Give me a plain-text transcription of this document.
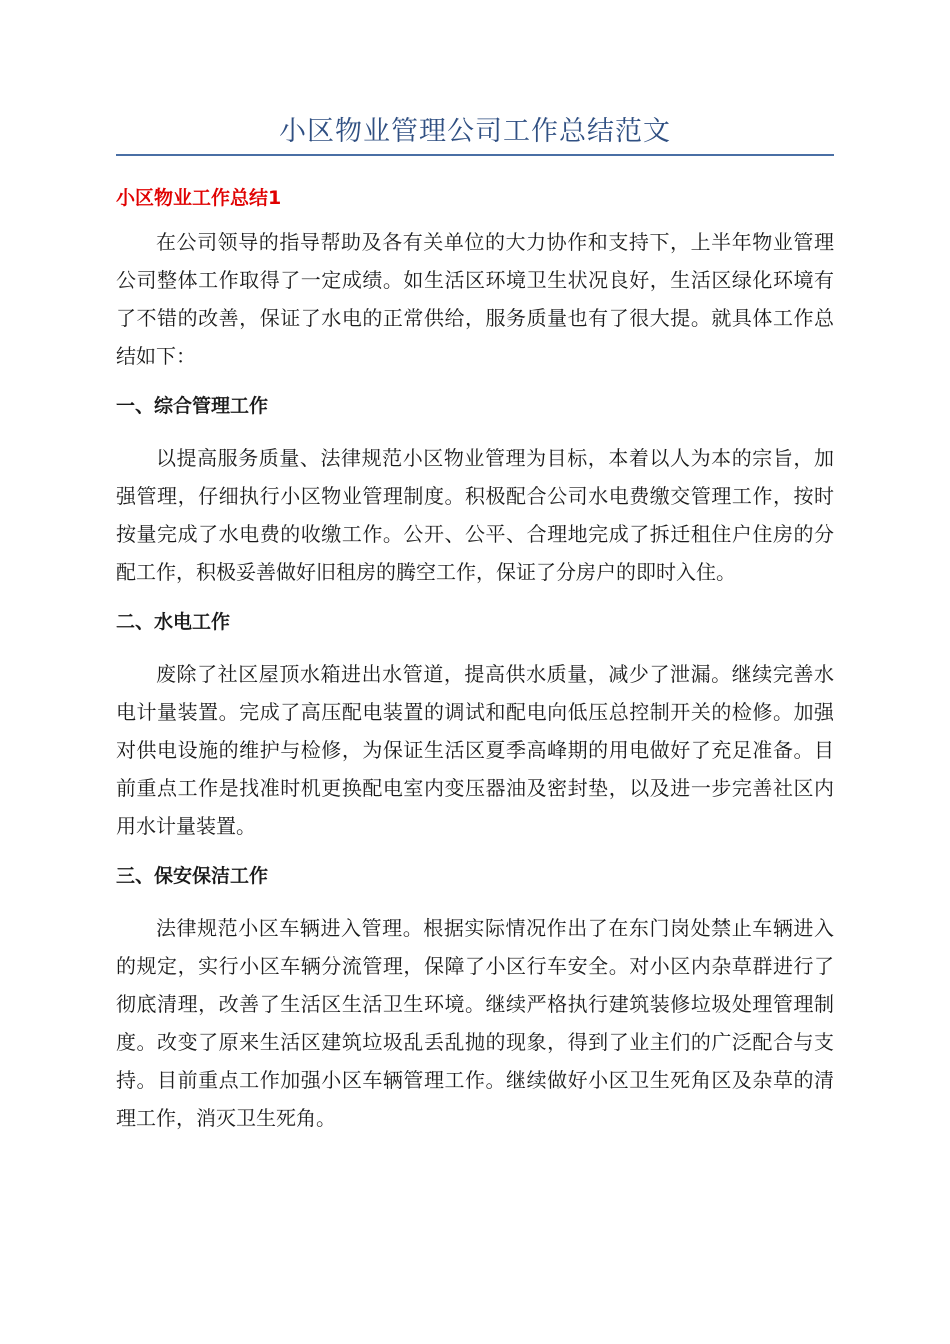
小区物业管理公司工作总结范文
小区物业工作总结1

在公司领导的指导帮助及各有关单位的大力协作和支持下，上半年物业管理公司整体工作取得了一定成绩。如生活区环境卫生状况良好，生活区绿化环境有了不错的改善，保证了水电的正常供给，服务质量也有了很大提。就具体工作总结如下：

一、综合管理工作

以提高服务质量、法律规范小区物业管理为目标，本着以人为本的宗旨，加强管理，仔细执行小区物业管理制度。积极配合公司水电费缴交管理工作，按时按量完成了水电费的收缴工作。公开、公平、合理地完成了拆迁租住户住房的分配工作，积极妥善做好旧租房的腾空工作，保证了分房户的即时入住。

二、水电工作

废除了社区屋顶水箱进出水管道，提高供水质量，减少了泄漏。继续完善水电计量装置。完成了高压配电装置的调试和配电向低压总控制开关的检修。加强对供电设施的维护与检修，为保证生活区夏季高峰期的用电做好了充足准备。目前重点工作是找准时机更换配电室内变压器油及密封垫，以及进一步完善社区内用水计量装置。

三、保安保洁工作

法律规范小区车辆进入管理。根据实际情况作出了在东门岗处禁止车辆进入的规定，实行小区车辆分流管理，保障了小区行车安全。对小区内杂草群进行了彻底清理，改善了生活区生活卫生环境。继续严格执行建筑装修垃圾处理管理制度。改变了原来生活区建筑垃圾乱丢乱抛的现象，得到了业主们的广泛配合与支持。目前重点工作加强小区车辆管理工作。继续做好小区卫生死角区及杂草的清理工作，消灭卫生死角。
